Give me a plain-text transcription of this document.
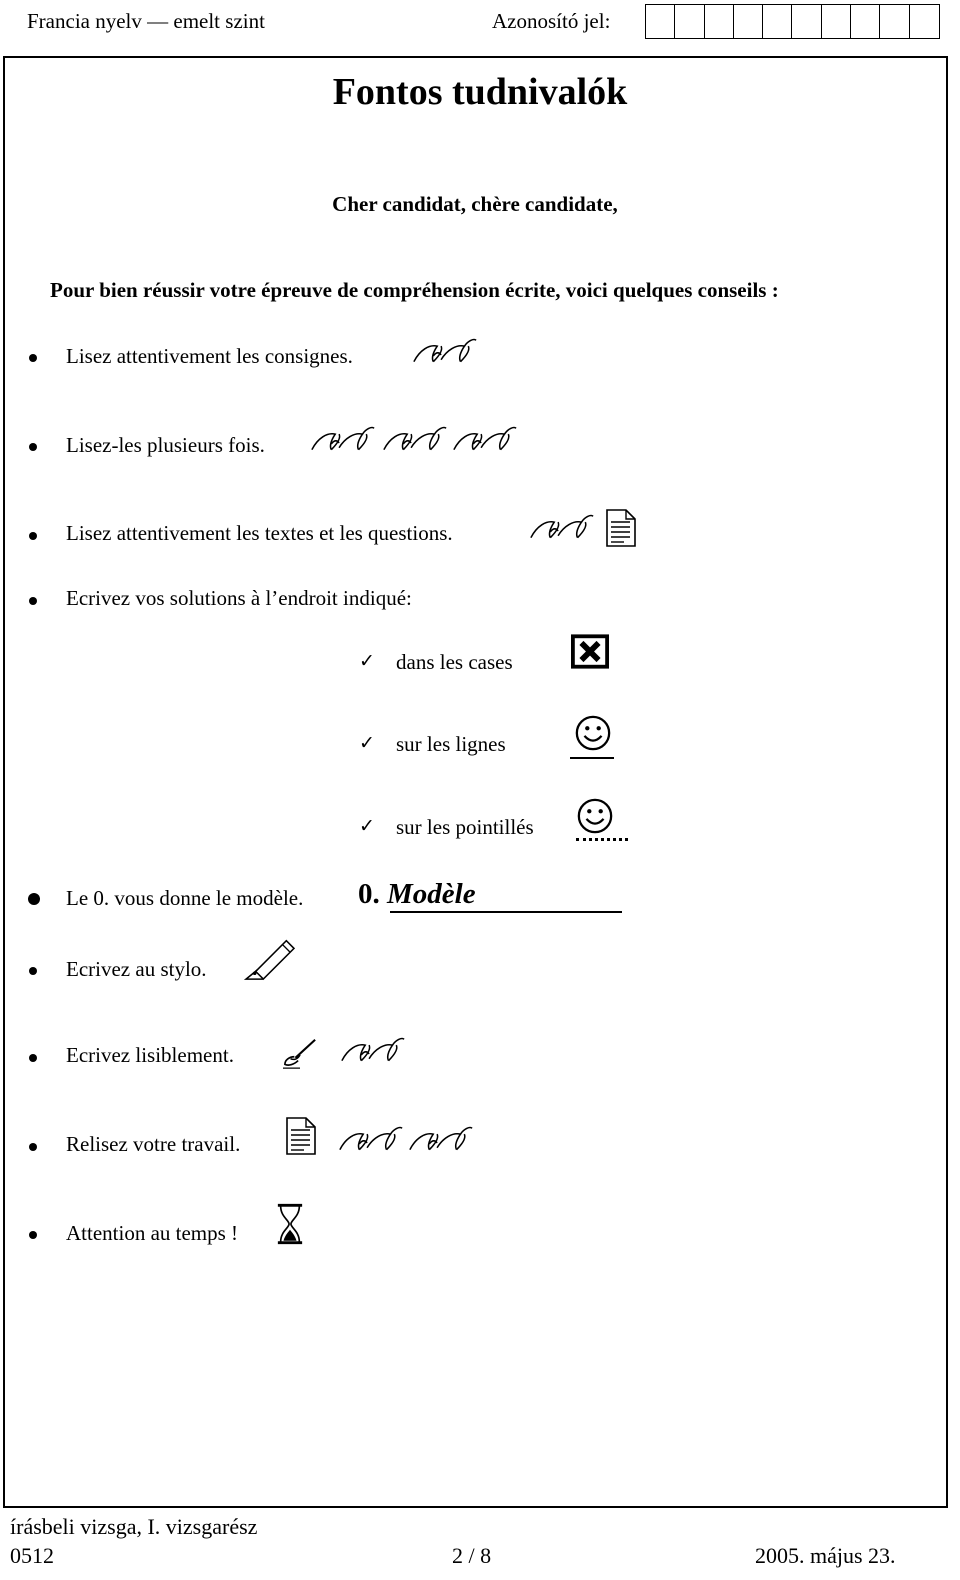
Francia nyelv — emelt szint	Azonosító jel:
Fontos tudnivalók
Cher candidat, chère candidate,
Pour bien réussir votre épreuve de compréhension écrite, voici quelques conseils :
Lisez attentivement les consignes.
Lisez-les plusieurs fois.
Lisez attentivement les textes et les questions.
Ecrivez vos solutions à l’endroit indiqué:
✓ dans les cases
✓ sur les lignes
✓ sur les pointillés
Le 0. vous donne le modèle. 0. Modèle
Ecrivez au stylo.
Ecrivez lisiblement.
Relisez votre travail.
Attention au temps !
írásbeli vizsga, I. vizsgarész
0512	2 / 8	2005. május 23.
